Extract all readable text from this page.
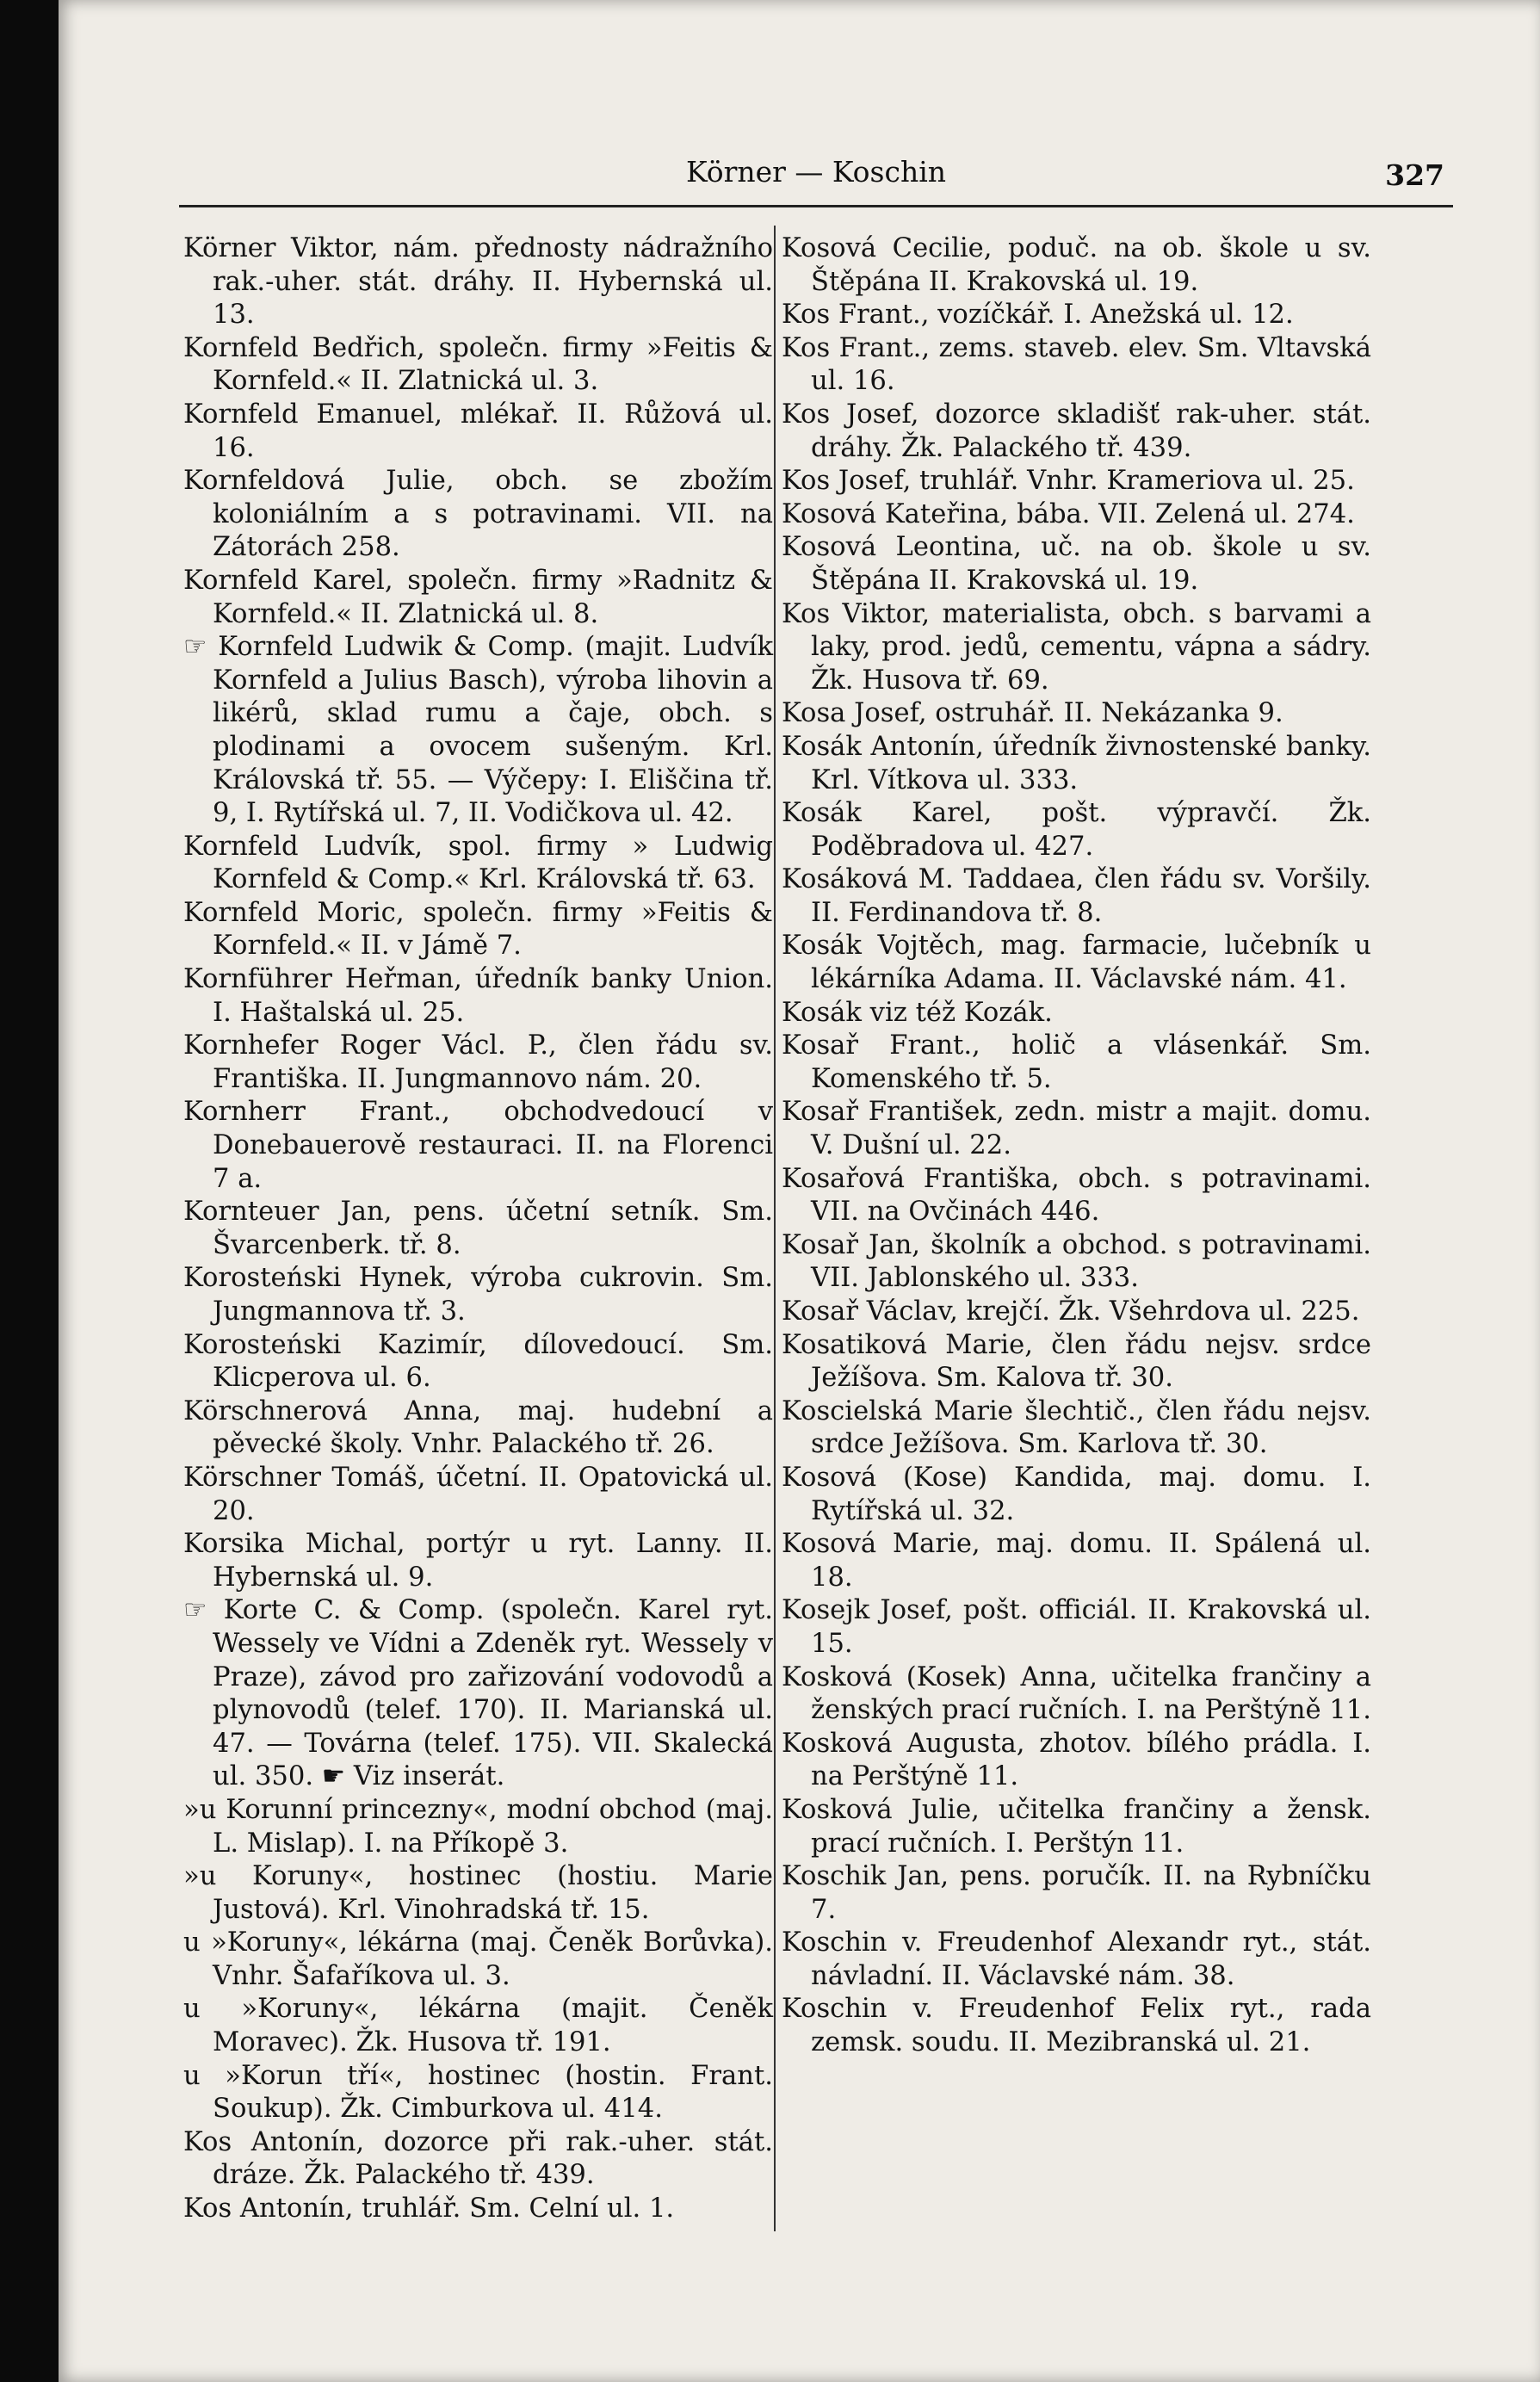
Körner — Koschin	327

Körner Viktor, nám. přednosty nádražního rak.-uher. stát. dráhy. II. Hybernská ul. 13.

Kornfeld Bedřich, společn. firmy »Feitis & Kornfeld.« II. Zlatnická ul. 3.

Kornfeld Emanuel, mlékař. II. Růžová ul. 16.

Kornfeldová Julie, obch. se zbožím koloniálním a s potravinami. VII. na Zátorách 258.

Kornfeld Karel, společn. firmy »Radnitz & Kornfeld.« II. Zlatnická ul. 8.

☞ Kornfeld Ludwik & Comp. (majit. Ludvík Kornfeld a Julius Basch), výroba lihovin a likérů, sklad rumu a čaje, obch. s plodinami a ovocem sušeným. Krl. Královská tř. 55. — Výčepy: I. Eliščina tř. 9, I. Rytířská ul. 7, II. Vodičkova ul. 42.

Kornfeld Ludvík, spol. firmy » Ludwig Kornfeld & Comp.« Krl. Královská tř. 63.

Kornfeld Moric, společn. firmy »Feitis & Kornfeld.« II. v Jámě 7.

Kornführer Heřman, úředník banky Union. I. Haštalská ul. 25.

Kornhefer Roger Václ. P., člen řádu sv. Františka. II. Jungmannovo nám. 20.

Kornherr Frant., obchodvedoucí v Donebauerově restauraci. II. na Florenci 7 a.

Kornteuer Jan, pens. účetní setník. Sm. Švarcenberk. tř. 8.

Korosteński Hynek, výroba cukrovin. Sm. Jungmannova tř. 3.

Korosteński Kazimír, dílovedoucí. Sm. Klicperova ul. 6.

Körschnerová Anna, maj. hudební a pěvecké školy. Vnhr. Palackého tř. 26.

Körschner Tomáš, účetní. II. Opatovická ul. 20.

Korsika Michal, portýr u ryt. Lanny. II. Hybernská ul. 9.

☞ Korte C. & Comp. (společn. Karel ryt. Wessely ve Vídni a Zdeněk ryt. Wessely v Praze), závod pro zařizování vodovodů a plynovodů (telef. 170). II. Marianská ul. 47. — Továrna (telef. 175). VII. Skalecká ul. 350. ☛ Viz inserát.

»u Korunní princezny«, modní obchod (maj. L. Mislap). I. na Příkopě 3.

»u Koruny«, hostinec (hostiu. Marie Justová). Krl. Vinohradská tř. 15.

u »Koruny«, lékárna (maj. Čeněk Borůvka). Vnhr. Šafaříkova ul. 3.

u »Koruny«, lékárna (majit. Čeněk Moravec). Žk. Husova tř. 191.

u »Korun tří«, hostinec (hostin. Frant. Soukup). Žk. Cimburkova ul. 414.

Kos Antonín, dozorce při rak.-uher. stát. dráze. Žk. Palackého tř. 439.

Kos Antonín, truhlář. Sm. Celní ul. 1.

Kosová Cecilie, poduč. na ob. škole u sv. Štěpána II. Krakovská ul. 19.

Kos Frant., vozíčkář. I. Anežská ul. 12.

Kos Frant., zems. staveb. elev. Sm. Vltavská ul. 16.

Kos Josef, dozorce skladišť rak-uher. stát. dráhy. Žk. Palackého tř. 439.

Kos Josef, truhlář. Vnhr. Krameriova ul. 25.

Kosová Kateřina, bába. VII. Zelená ul. 274.

Kosová Leontina, uč. na ob. škole u sv. Štěpána II. Krakovská ul. 19.

Kos Viktor, materialista, obch. s barvami a laky, prod. jedů, cementu, vápna a sádry. Žk. Husova tř. 69.

Kosa Josef, ostruhář. II. Nekázanka 9.

Kosák Antonín, úředník živnostenské banky. Krl. Vítkova ul. 333.

Kosák Karel, pošt. výpravčí. Žk. Poděbradova ul. 427.

Kosáková M. Taddaea, člen řádu sv. Voršily. II. Ferdinandova tř. 8.

Kosák Vojtěch, mag. farmacie, lučebník u lékárníka Adama. II. Václavské nám. 41.

Kosák viz též Kozák.

Kosař Frant., holič a vlásenkář. Sm. Komenského tř. 5.

Kosař František, zedn. mistr a majit. domu. V. Dušní ul. 22.

Kosařová Františka, obch. s potravinami. VII. na Ovčinách 446.

Kosař Jan, školník a obchod. s potravinami. VII. Jablonského ul. 333.

Kosař Václav, krejčí. Žk. Všehrdova ul. 225.

Kosatiková Marie, člen řádu nejsv. srdce Ježíšova. Sm. Kalova tř. 30.

Koscielská Marie šlechtič., člen řádu nejsv. srdce Ježíšova. Sm. Karlova tř. 30.

Kosová (Kose) Kandida, maj. domu. I. Rytířská ul. 32.

Kosová Marie, maj. domu. II. Spálená ul. 18.

Kosejk Josef, pošt. officiál. II. Krakovská ul. 15.

Kosková (Kosek) Anna, učitelka frančiny a ženských prací ručních. I. na Perštýně 11.

Kosková Augusta, zhotov. bílého prádla. I. na Perštýně 11.

Kosková Julie, učitelka frančiny a žensk. prací ručních. I. Perštýn 11.

Koschik Jan, pens. poručík. II. na Rybníčku 7.

Koschin v. Freudenhof Alexandr ryt., stát. návladní. II. Václavské nám. 38.

Koschin v. Freudenhof Felix ryt., rada zemsk. soudu. II. Mezibranská ul. 21.
